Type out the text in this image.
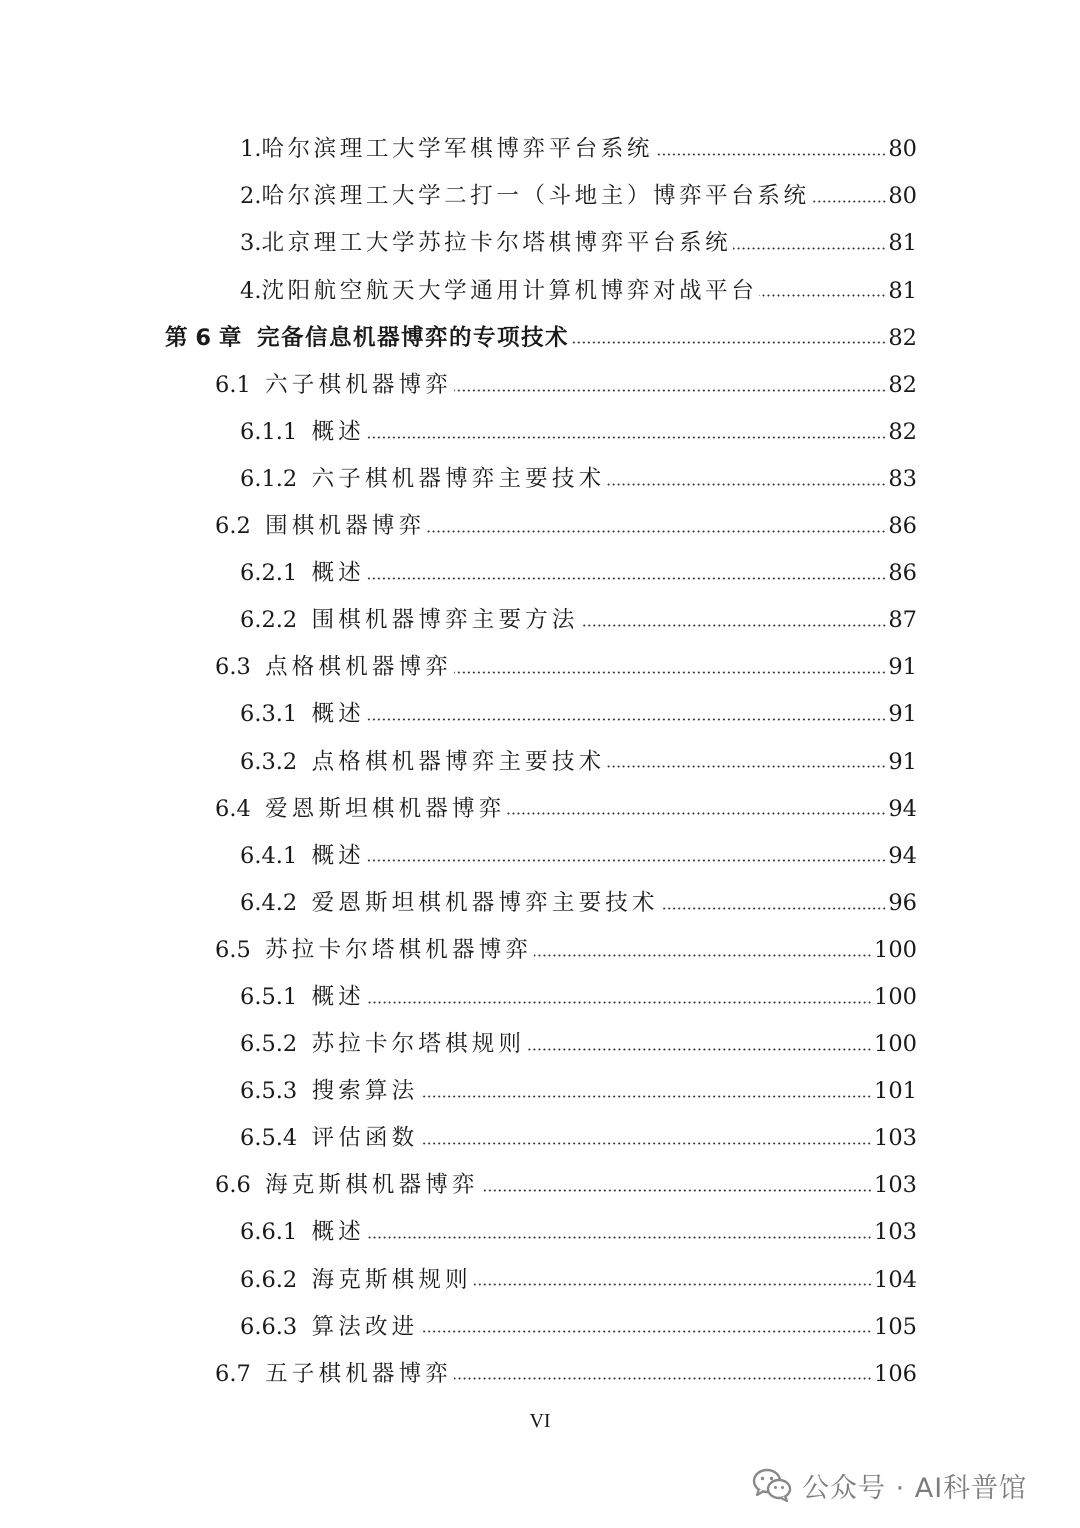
1. 哈尔滨理工大学军棋博弈平台系统	80
2. 哈尔滨理工大学二打一（斗地主）博弈平台系统	80
3. 北京理工大学苏拉卡尔塔棋博弈平台系统	81
4. 沈阳航空航天大学通用计算机博弈对战平台	81
第 6 章 完备信息机器博弈的专项技术	82
6.1 六子棋机器博弈	82
6.1.1 概述	82
6.1.2 六子棋机器博弈主要技术	83
6.2 围棋机器博弈	86
6.2.1 概述	86
6.2.2 围棋机器博弈主要方法	87
6.3 点格棋机器博弈	91
6.3.1 概述	91
6.3.2 点格棋机器博弈主要技术	91
6.4 爱恩斯坦棋机器博弈	94
6.4.1 概述	94
6.4.2 爱恩斯坦棋机器博弈主要技术	96
6.5 苏拉卡尔塔棋机器博弈	100
6.5.1 概述	100
6.5.2 苏拉卡尔塔棋规则	100
6.5.3 搜索算法	101
6.5.4 评估函数	103
6.6 海克斯棋机器博弈	103
6.6.1 概述	103
6.6.2 海克斯棋规则	104
6.6.3 算法改进	105
6.7 五子棋机器博弈	106
VI
公众号 · AI科普馆
